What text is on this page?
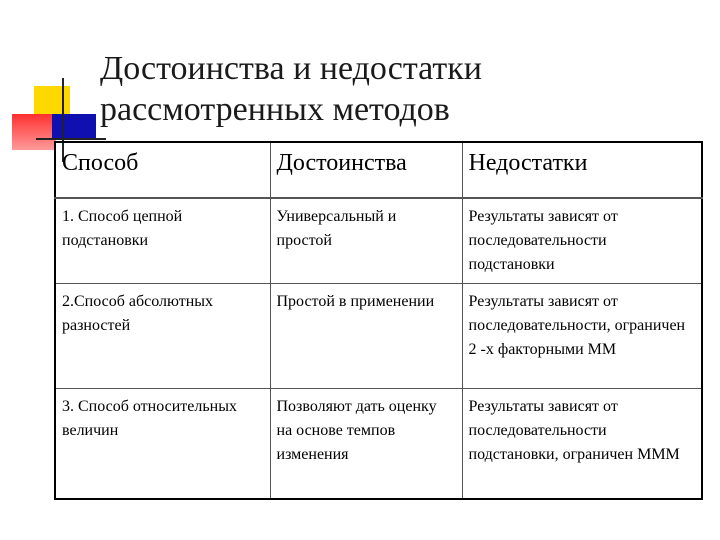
Достоинства и недостатки
рассмотренных методов
Способ	Достоинства	Недостатки
1. Способ цепной подстановки	Универсальный и простой	Результаты зависят от последовательности подстановки
2.Способ абсолютных разностей	Простой в применении	Результаты зависят от последовательности, ограничен 2 -х факторными ММ
3. Способ относительных величин	Позволяют дать оценку на основе темпов изменения	Результаты зависят от последовательности подстановки, ограничен МММ
